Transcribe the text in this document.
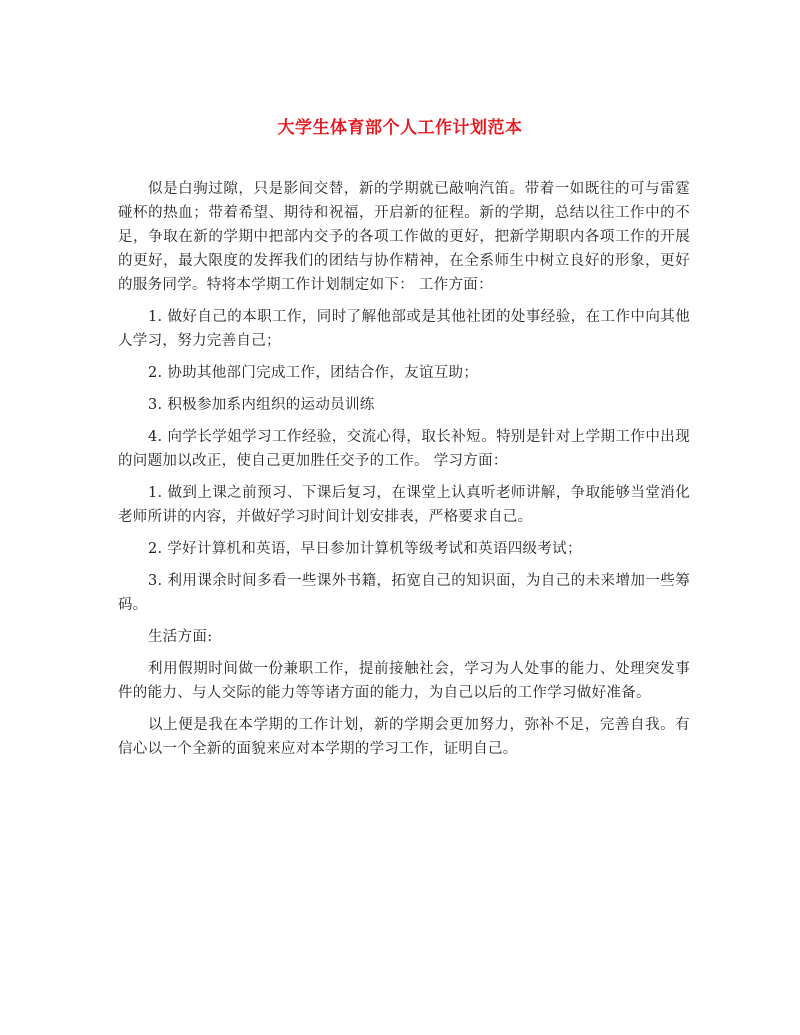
大学生体育部个人工作计划范本

似是白驹过隙，只是影间交替，新的学期就已敲响汽笛。带着一如既往的可与雷霆碰杯的热血；带着希望、期待和祝福，开启新的征程。新的学期，总结以往工作中的不足，争取在新的学期中把部内交予的各项工作做的更好，把新学期职内各项工作的开展的更好，最大限度的发挥我们的团结与协作精神，在全系师生中树立良好的形象，更好的服务同学。特将本学期工作计划制定如下： 工作方面：

1. 做好自己的本职工作，同时了解他部或是其他社团的处事经验，在工作中向其他人学习，努力完善自己；

2. 协助其他部门完成工作，团结合作，友谊互助；

3. 积极参加系内组织的运动员训练

4. 向学长学姐学习工作经验，交流心得，取长补短。特别是针对上学期工作中出现的问题加以改正，使自己更加胜任交予的工作。 学习方面：

1. 做到上课之前预习、下课后复习，在课堂上认真听老师讲解，争取能够当堂消化老师所讲的内容，并做好学习时间计划安排表，严格要求自己。

2. 学好计算机和英语，早日参加计算机等级考试和英语四级考试；

3. 利用课余时间多看一些课外书籍，拓宽自己的知识面，为自己的未来增加一些筹码。

生活方面:

利用假期时间做一份兼职工作，提前接触社会，学习为人处事的能力、处理突发事件的能力、与人交际的能力等等诸方面的能力，为自己以后的工作学习做好准备。

以上便是我在本学期的工作计划，新的学期会更加努力，弥补不足，完善自我。有信心以一个全新的面貌来应对本学期的学习工作，证明自己。
